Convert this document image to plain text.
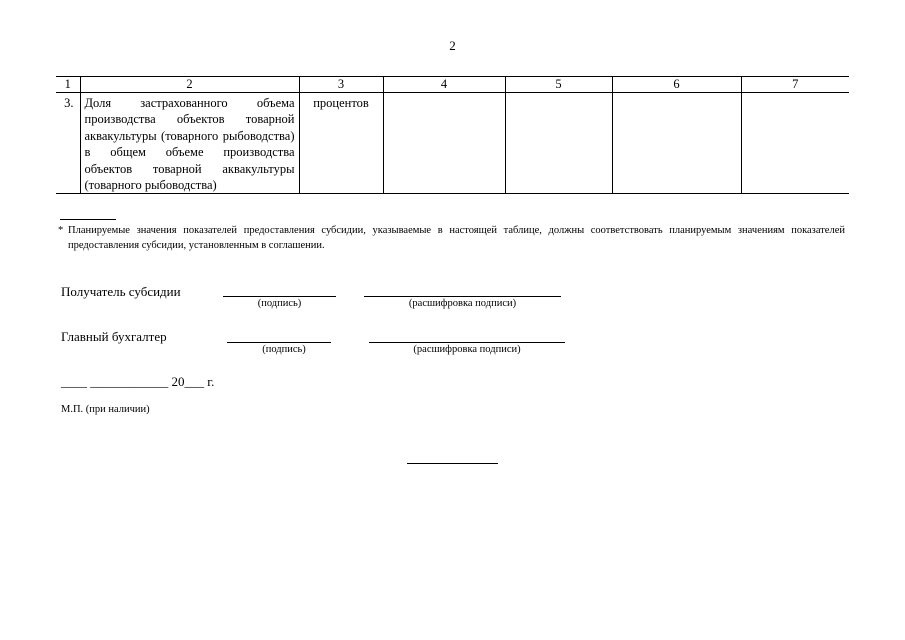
2
1	2	3	4	5	6	7
3.	Доля застрахованного объема производства объектов товарной аквакультуры (товарного рыбоводства) в общем объеме производства объектов товарной аквакультуры (товарного рыбоводства)	процентов				
* Планируемые значения показателей предоставления субсидии, указываемые в настоящей таблице, должны соответствовать планируемым значениям показателей предоставления субсидии, установленным в соглашении.
Получатель субсидии
(подпись)	(расшифровка подписи)
Главный бухгалтер
(подпись)	(расшифровка подписи)
____ ____________ 20___ г.
М.П. (при наличии)
